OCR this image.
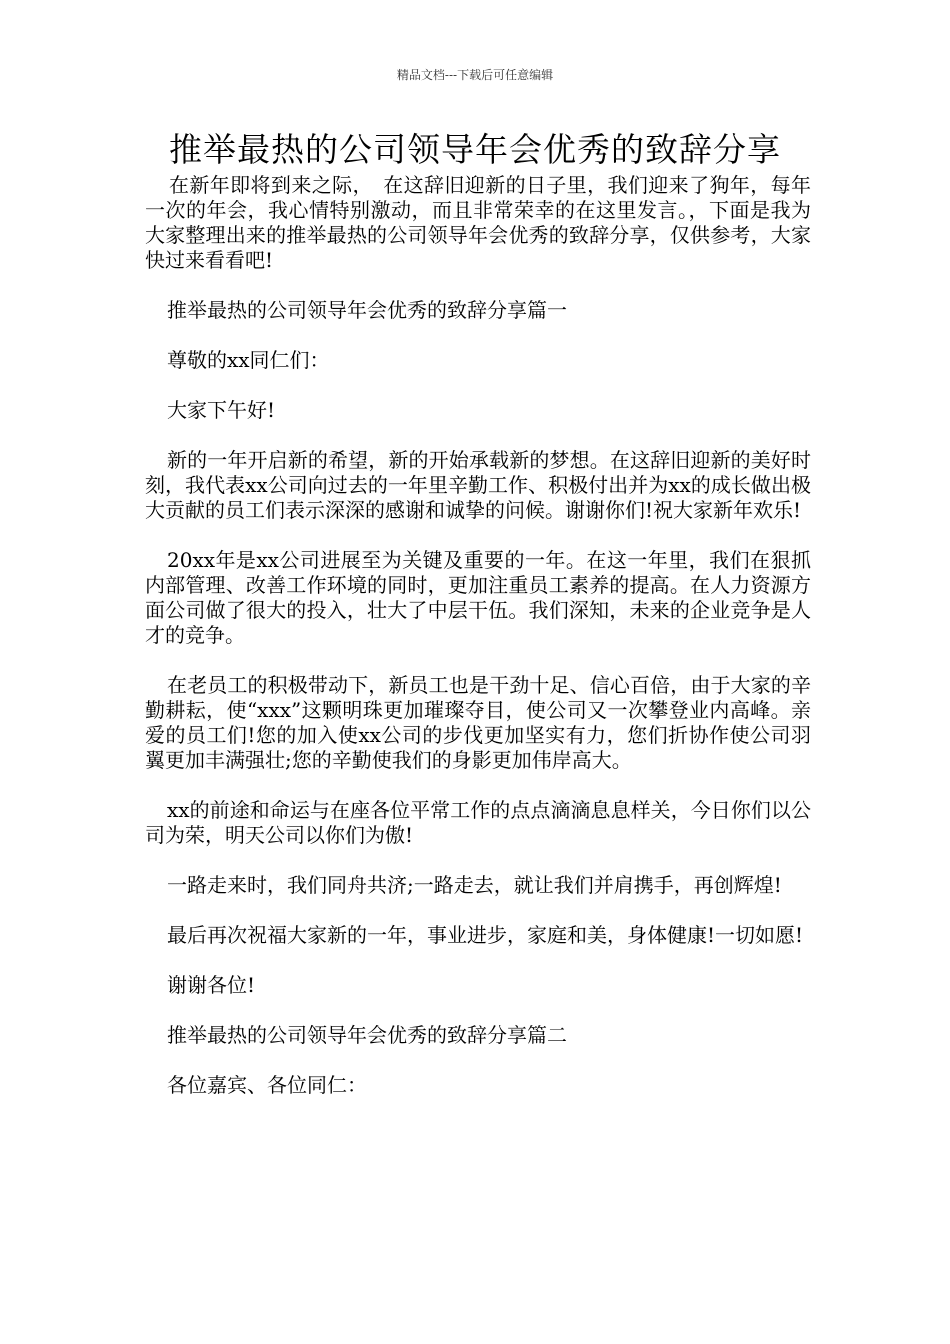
精品文档---下载后可任意编辑
推举最热的公司领导年会优秀的致辞分享

在新年即将到来之际，　在这辞旧迎新的日子里，我们迎来了狗年，每年一次的年会，我心情特别激动，而且非常荣幸的在这里发言。，下面是我为大家整理出来的推举最热的公司领导年会优秀的致辞分享，仅供参考，大家快过来看看吧!

推举最热的公司领导年会优秀的致辞分享篇一

尊敬的xx同仁们：

大家下午好!

新的一年开启新的希望，新的开始承载新的梦想。在这辞旧迎新的美好时刻，我代表xx公司向过去的一年里辛勤工作、积极付出并为xx的成长做出极大贡献的员工们表示深深的感谢和诚挚的问候。谢谢你们!祝大家新年欢乐!

20xx年是xx公司进展至为关键及重要的一年。在这一年里，我们在狠抓内部管理、改善工作环境的同时，更加注重员工素养的提高。在人力资源方面公司做了很大的投入，壮大了中层干伍。我们深知，未来的企业竞争是人才的竞争。

在老员工的积极带动下，新员工也是干劲十足、信心百倍，由于大家的辛勤耕耘，使“xxx”这颗明珠更加璀璨夺目，使公司又一次攀登业内高峰。亲爱的员工们!您的加入使xx公司的步伐更加坚实有力，您们折协作使公司羽翼更加丰满强壮;您的辛勤使我们的身影更加伟岸高大。

xx的前途和命运与在座各位平常工作的点点滴滴息息样关，今日你们以公司为荣，明天公司以你们为傲!

一路走来时，我们同舟共济;一路走去，就让我们并肩携手，再创辉煌!

最后再次祝福大家新的一年，事业进步，家庭和美，身体健康!一切如愿!

谢谢各位!

推举最热的公司领导年会优秀的致辞分享篇二

各位嘉宾、各位同仁：
